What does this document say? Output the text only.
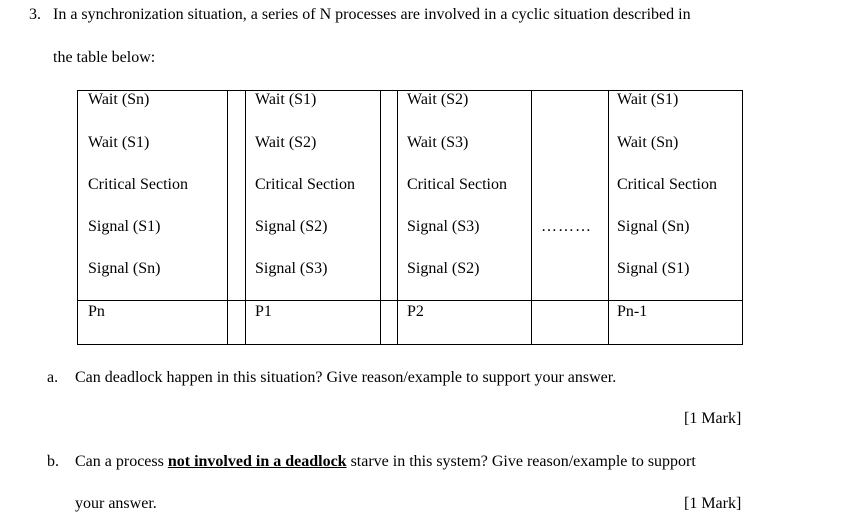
3. In a synchronization situation, a series of N processes are involved in a cyclic situation described in
the table below:
Wait (Sn)
Wait (S1)
Critical Section
Signal (S1)
Signal (Sn)
Pn
Wait (S1)
Wait (S2)
Critical Section
Signal (S2)
Signal (S3)
P1
Wait (S2)
Wait (S3)
Critical Section
Signal (S3)
Signal (S2)
P2
………
Wait (S1)
Wait (Sn)
Critical Section
Signal (Sn)
Signal (S1)
Pn-1
a. Can deadlock happen in this situation? Give reason/example to support your answer.
[1 Mark]
b. Can a process not involved in a deadlock starve in this system? Give reason/example to support
your answer.	[1 Mark]
